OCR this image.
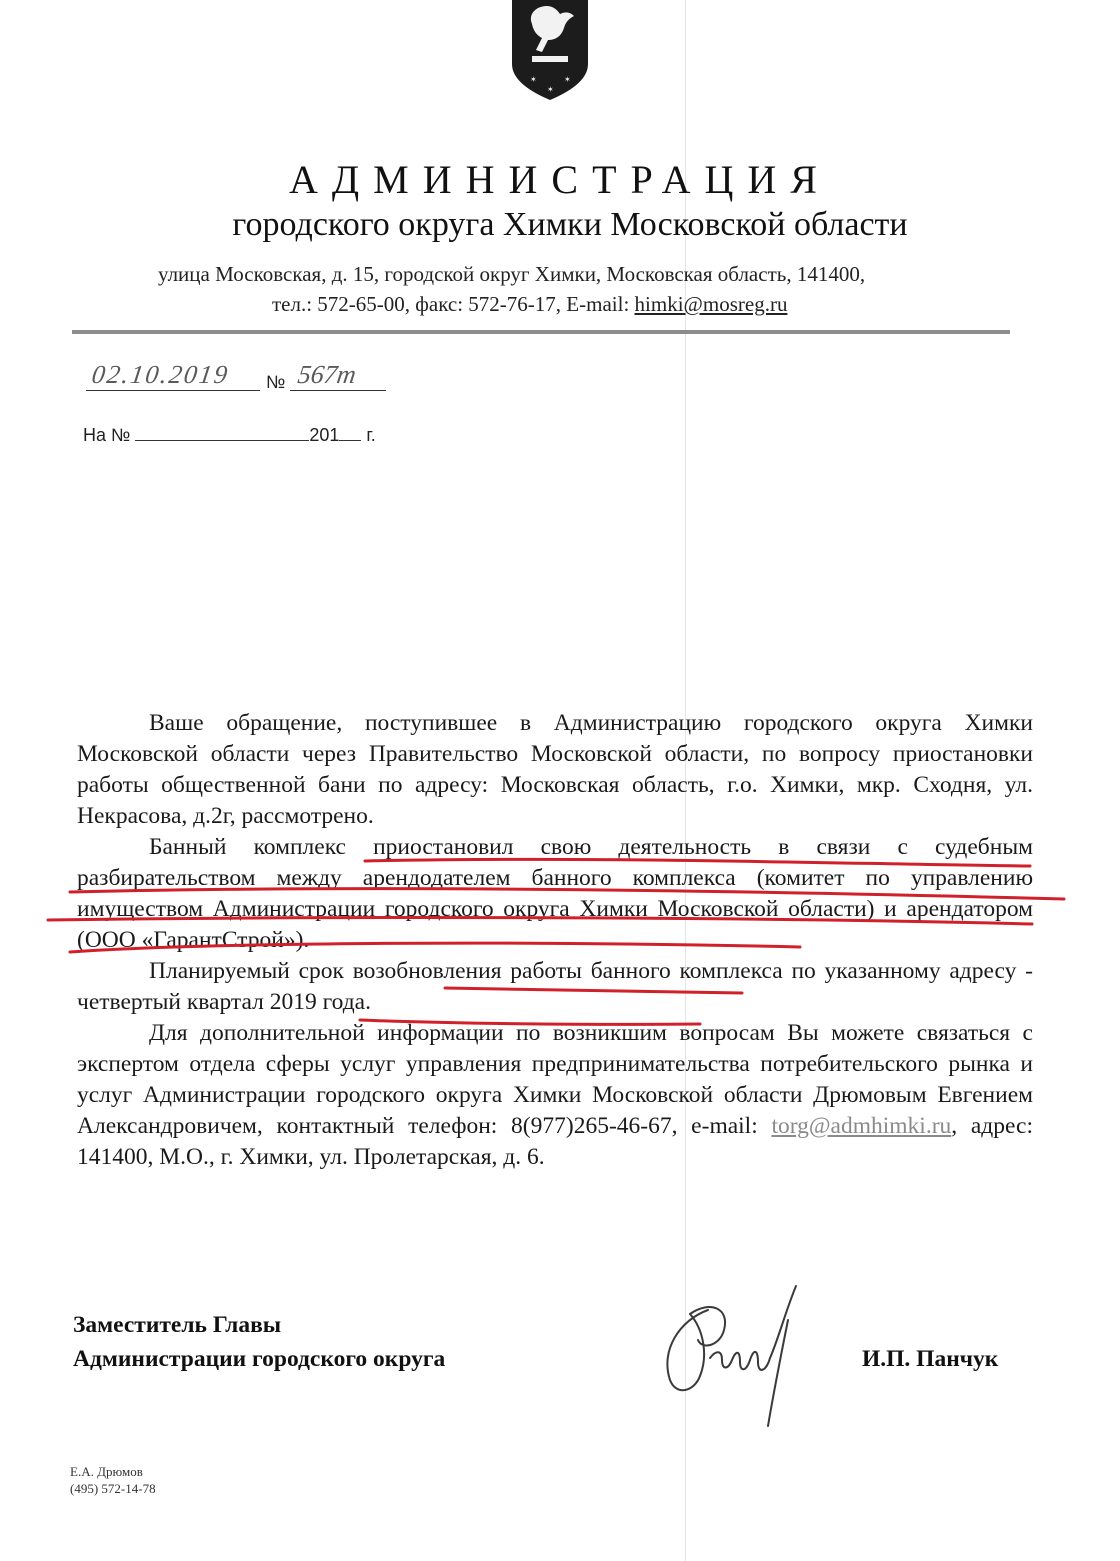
✶	✶
✶
АДМИНИСТРАЦИЯ
городского округа Химки Московской области
улица Московская, д. 15, городской округ Химки, Московская область, 141400,
тел.: 572-65-00, факс: 572-76-17, E-mail: himki@mosreg.ru
02.10.2019 № 567т
На №	201 г.

Ваше обращение, поступившее в Администрацию городского округа Химки Московской области через Правительство Московской области, по вопросу приостановки работы общественной бани по адресу: Московская область, г.о. Химки, мкр. Сходня, ул. Некрасова, д.2г, рассмотрено.

Банный комплекс приостановил свою деятельность в связи с судебным разбирательством между арендодателем банного комплекса (комитет по управлению имуществом Администрации городского округа Химки Московской области) и арендатором (ООО «ГарантСтрой»).

Планируемый срок возобновления работы банного комплекса по указанному адресу - четвертый квартал 2019 года.

Для дополнительной информации по возникшим вопросам Вы можете связаться с экспертом отдела сферы услуг управления предпринимательства потребительского рынка и услуг Администрации городского округа Химки Московской области Дрюмовым Евгением Александровичем, контактный телефон: 8(977)265-46-67, e-mail: torg@admhimki.ru, адрес: 141400, М.О., г. Химки, ул. Пролетарская, д. 6.

Заместитель Главы
Администрации городского округа	И.П. Панчук
Е.А. Дрюмов
(495) 572-14-78
